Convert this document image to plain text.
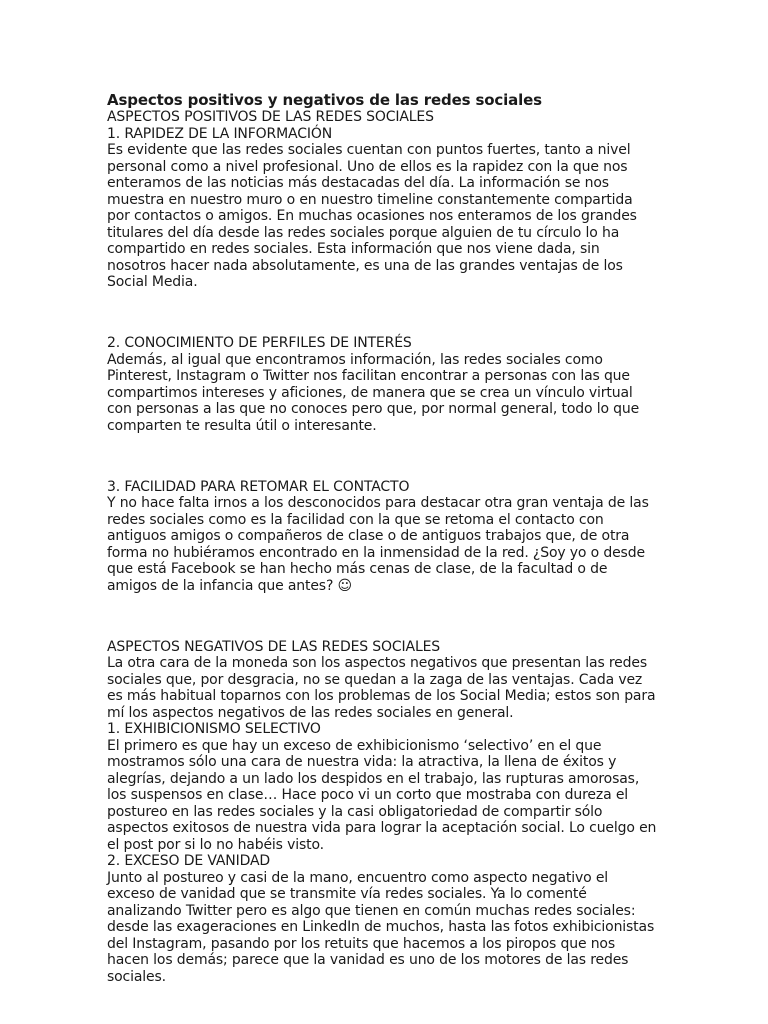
Aspectos positivos y negativos de las redes sociales

ASPECTOS POSITIVOS DE LAS REDES SOCIALES

1. RAPIDEZ DE LA INFORMACIÓN

Es evidente que las redes sociales cuentan con puntos fuertes, tanto a nivel

personal como a nivel profesional. Uno de ellos es la rapidez con la que nos

enteramos de las noticias más destacadas del día. La información se nos

muestra en nuestro muro o en nuestro timeline constantemente compartida

por contactos o amigos. En muchas ocasiones nos enteramos de los grandes

titulares del día desde las redes sociales porque alguien de tu círculo lo ha

compartido en redes sociales. Esta información que nos viene dada, sin

nosotros hacer nada absolutamente, es una de las grandes ventajas de los

Social Media.

2. CONOCIMIENTO DE PERFILES DE INTERÉS

Además, al igual que encontramos información, las redes sociales como

Pinterest, Instagram o Twitter nos facilitan encontrar a personas con las que

compartimos intereses y aficiones, de manera que se crea un vínculo virtual

con personas a las que no conoces pero que, por normal general, todo lo que

comparten te resulta útil o interesante.

3. FACILIDAD PARA RETOMAR EL CONTACTO

Y no hace falta irnos a los desconocidos para destacar otra gran ventaja de las

redes sociales como es la facilidad con la que se retoma el contacto con

antiguos amigos o compañeros de clase o de antiguos trabajos que, de otra

forma no hubiéramos encontrado en la inmensidad de la red. ¿Soy yo o desde

que está Facebook se han hecho más cenas de clase, de la facultad o de

amigos de la infancia que antes? ☺

ASPECTOS NEGATIVOS DE LAS REDES SOCIALES

La otra cara de la moneda son los aspectos negativos que presentan las redes

sociales que, por desgracia, no se quedan a la zaga de las ventajas. Cada vez

es más habitual toparnos con los problemas de los Social Media; estos son para

mí los aspectos negativos de las redes sociales en general.

1. EXHIBICIONISMO SELECTIVO

El primero es que hay un exceso de exhibicionismo ‘selectivo’ en el que

mostramos sólo una cara de nuestra vida: la atractiva, la llena de éxitos y

alegrías, dejando a un lado los despidos en el trabajo, las rupturas amorosas,

los suspensos en clase… Hace poco vi un corto que mostraba con dureza el

postureo en las redes sociales y la casi obligatoriedad de compartir sólo

aspectos exitosos de nuestra vida para lograr la aceptación social. Lo cuelgo en

el post por si lo no habéis visto.

2. EXCESO DE VANIDAD

Junto al postureo y casi de la mano, encuentro como aspecto negativo el

exceso de vanidad que se transmite vía redes sociales. Ya lo comenté

analizando Twitter pero es algo que tienen en común muchas redes sociales:

desde las exageraciones en LinkedIn de muchos, hasta las fotos exhibicionistas

del Instagram, pasando por los retuits que hacemos a los piropos que nos

hacen los demás; parece que la vanidad es uno de los motores de las redes

sociales.
